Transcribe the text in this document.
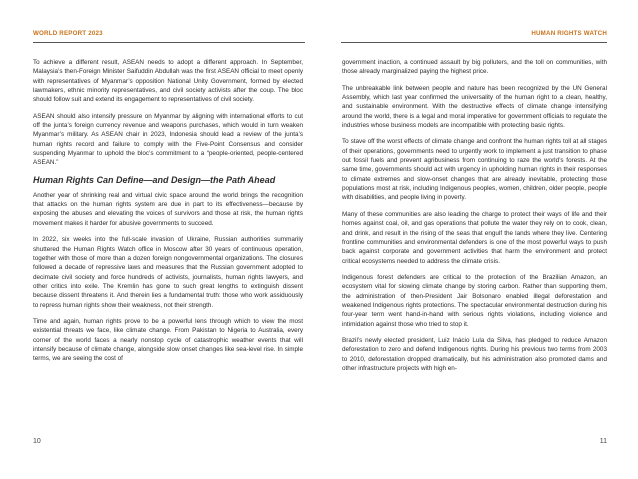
WORLD REPORT 2023

To achieve a different result, ASEAN needs to adopt a different approach. In September, Malaysia’s then-Foreign Minister Saifuddin Abdullah was the first ASEAN official to meet openly with representatives of Myanmar’s opposition National Unity Government, formed by elected lawmakers, ethnic minority representatives, and civil society activists after the coup. The bloc should follow suit and extend its engagement to representatives of civil society.

ASEAN should also intensify pressure on Myanmar by aligning with international efforts to cut off the junta’s foreign currency revenue and weapons purchases, which would in turn weaken Myanmar’s military. As ASEAN chair in 2023, Indonesia should lead a review of the junta’s human rights record and failure to comply with the Five-Point Consensus and consider suspending Myanmar to uphold the bloc’s commitment to a “people-oriented, people-centered ASEAN.”

Human Rights Can Define—and Design—the Path Ahead

Another year of shrinking real and virtual civic space around the world brings the recognition that attacks on the human rights system are due in part to its effectiveness—because by exposing the abuses and elevating the voices of survivors and those at risk, the human rights movement makes it harder for abusive governments to succeed.

In 2022, six weeks into the full-scale invasion of Ukraine, Russian authorities summarily shuttered the Human Rights Watch office in Moscow after 30 years of continuous operation, together with those of more than a dozen foreign nongovernmental organizations. The closures followed a decade of repressive laws and measures that the Russian government adopted to decimate civil society and force hundreds of activists, journalists, human rights lawyers, and other critics into exile. The Kremlin has gone to such great lengths to extinguish dissent because dissent threatens it. And therein lies a fundamental truth: those who work assiduously to repress human rights show their weakness, not their strength.

Time and again, human rights prove to be a powerful lens through which to view the most existential threats we face, like climate change. From Pakistan to Nigeria to Australia, every corner of the world faces a nearly nonstop cycle of catastrophic weather events that will intensify because of climate change, alongside slow onset changes like sea-level rise. In simple terms, we are seeing the cost of

10
HUMAN RIGHTS WATCH

government inaction, a continued assault by big polluters, and the toll on communities, with those already marginalized paying the highest price.

The unbreakable link between people and nature has been recognized by the UN General Assembly, which last year confirmed the universality of the human right to a clean, healthy, and sustainable environment. With the destructive effects of climate change intensifying around the world, there is a legal and moral imperative for government officials to regulate the industries whose business models are incompatible with protecting basic rights.

To stave off the worst effects of climate change and confront the human rights toll at all stages of their operations, governments need to urgently work to implement a just transition to phase out fossil fuels and prevent agribusiness from continuing to raze the world’s forests. At the same time, governments should act with urgency in upholding human rights in their responses to climate extremes and slow-onset changes that are already inevitable, protecting those populations most at risk, including Indigenous peoples, women, children, older people, people with disabilities, and people living in poverty.

Many of these communities are also leading the charge to protect their ways of life and their homes against coal, oil, and gas operations that pollute the water they rely on to cook, clean, and drink, and result in the rising of the seas that engulf the lands where they live. Centering frontline communities and environmental defenders is one of the most powerful ways to push back against corporate and government activities that harm the environment and protect critical ecosystems needed to address the climate crisis.

Indigenous forest defenders are critical to the protection of the Brazilian Amazon, an ecosystem vital for slowing climate change by storing carbon. Rather than supporting them, the administration of then-President Jair Bolsonaro enabled illegal deforestation and weakened Indigenous rights protections. The spectacular environmental destruction during his four-year term went hand-in-hand with serious rights violations, including violence and intimidation against those who tried to stop it.

Brazil’s newly elected president, Luiz Inácio Lula da Silva, has pledged to reduce Amazon deforestation to zero and defend Indigenous rights. During his previous two terms from 2003 to 2010, deforestation dropped dramatically, but his administration also promoted dams and other infrastructure projects with high en-

11
